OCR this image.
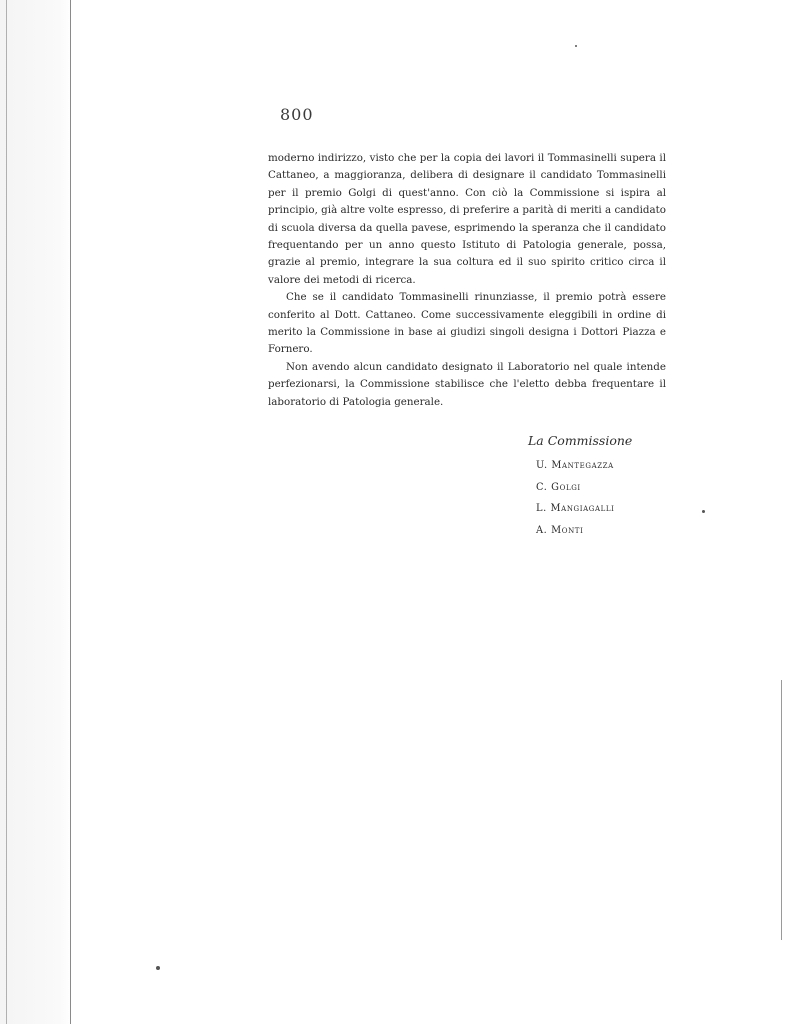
800

moderno indirizzo, visto che per la copia dei lavori il Tommasinelli supera il Cattaneo, a maggioranza, delibera di designare il candidato Tommasinelli per il premio Golgi di quest'anno. Con ciò la Commissione si ispira al principio, già altre volte espresso, di preferire a parità di meriti a candidato di scuola diversa da quella pavese, esprimendo la speranza che il candidato frequentando per un anno questo Istituto di Patologia generale, possa, grazie al premio, integrare la sua coltura ed il suo spirito critico circa il valore dei metodi di ricerca.

Che se il candidato Tommasinelli rinunziasse, il premio potrà essere conferito al Dott. Cattaneo. Come successivamente eleggibili in ordine di merito la Commissione in base ai giudizi singoli designa i Dottori Piazza e Fornero.

Non avendo alcun candidato designato il Laboratorio nel quale intende perfezionarsi, la Commissione stabilisce che l'eletto debba frequentare il laboratorio di Patologia generale.

La Commissione
U. Mantegazza
C. Golgi
L. Mangiagalli
A. Monti
